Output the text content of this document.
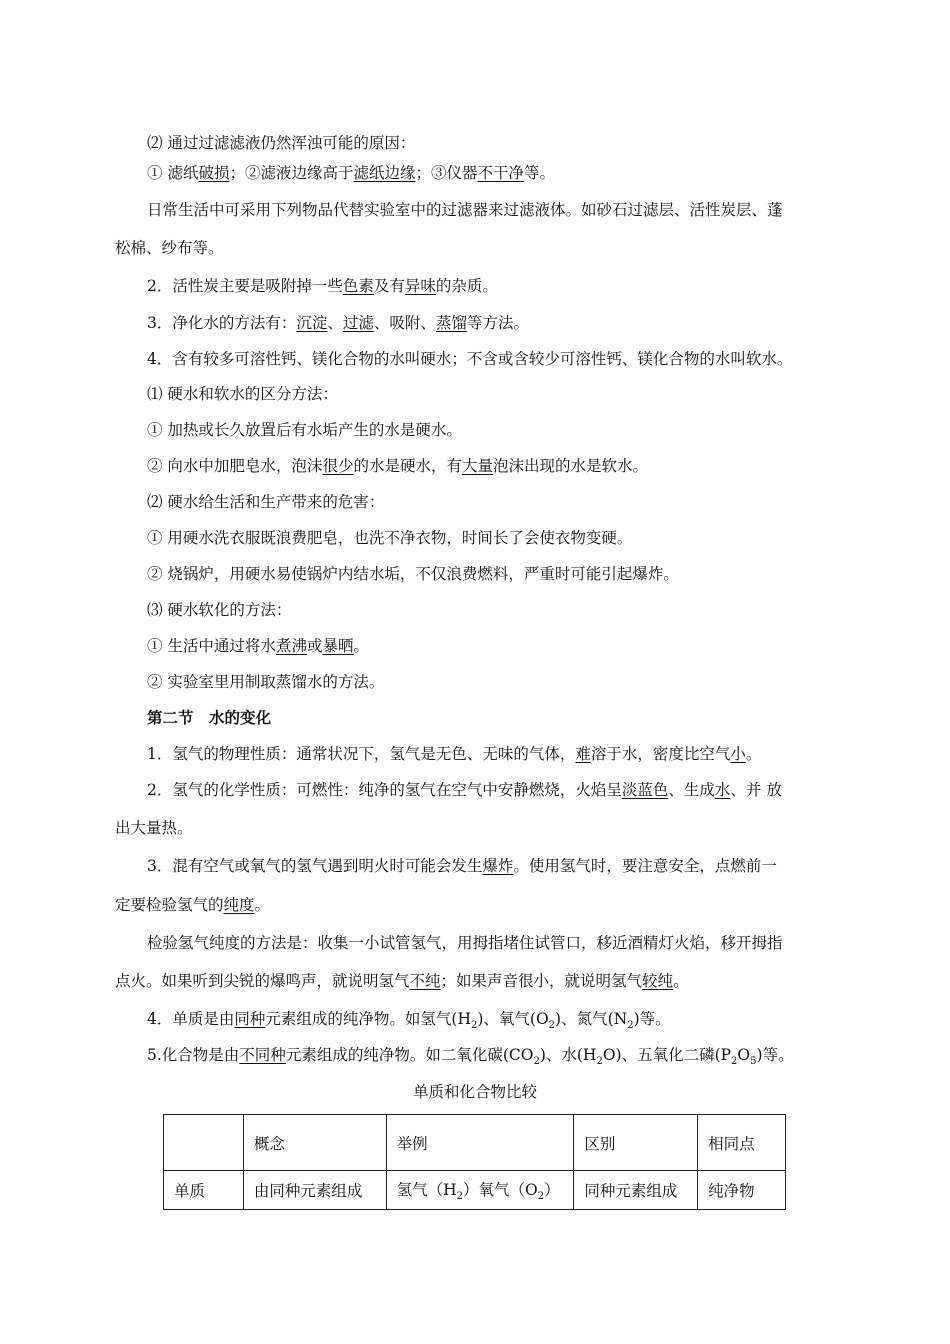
⑵ 通过过滤滤液仍然浑浊可能的原因：
① 滤纸破损；②滤液边缘高于滤纸边缘；③仪器不干净等。
日常生活中可采用下列物品代替实验室中的过滤器来过滤液体。如砂石过滤层、活性炭层、蓬
松棉、纱布等。
2．活性炭主要是吸附掉一些色素及有异味的杂质。
3．净化水的方法有：沉淀、过滤、吸附、蒸馏等方法。
4．含有较多可溶性钙、镁化合物的水叫硬水；不含或含较少可溶性钙、镁化合物的水叫软水。
⑴ 硬水和软水的区分方法：
① 加热或长久放置后有水垢产生的水是硬水。
② 向水中加肥皂水，泡沫很少的水是硬水，有大量泡沫出现的水是软水。
⑵ 硬水给生活和生产带来的危害：
① 用硬水洗衣服既浪费肥皂，也洗不净衣物，时间长了会使衣物变硬。
② 烧锅炉，用硬水易使锅炉内结水垢，不仅浪费燃料，严重时可能引起爆炸。
⑶ 硬水软化的方法：
① 生活中通过将水煮沸或暴晒。
② 实验室里用制取蒸馏水的方法。
第二节　水的变化
1．氢气的物理性质：通常状况下，氢气是无色、无味的气体，难溶于水，密度比空气小。
2．氢气的化学性质：可燃性：纯净的氢气在空气中安静燃烧，火焰呈淡蓝色、生成水、并 放
出大量热。
3．混有空气或氧气的氢气遇到明火时可能会发生爆炸。使用氢气时，要注意安全，点燃前一
定要检验氢气的纯度。
检验氢气纯度的方法是：收集一小试管氢气，用拇指堵住试管口，移近酒精灯火焰，移开拇指
点火。如果听到尖锐的爆鸣声，就说明氢气不纯；如果声音很小，就说明氢气较纯。
4．单质是由同种元素组成的纯净物。如氢气$(H_2)$、氧气$(O_2)$、氮气$(N_2)$等。
5.化合物是由不同种元素组成的纯净物。如二氧化碳$(CO_2)$、水$(H_2O)$、五氧化二磷$(P_2O_5)$等。
单质和化合物比较
	概念	举例	区别	相同点
单质	由同种元素组成	氢气$(H_2)$氧气$(O_2)$	同种元素组成	纯净物
